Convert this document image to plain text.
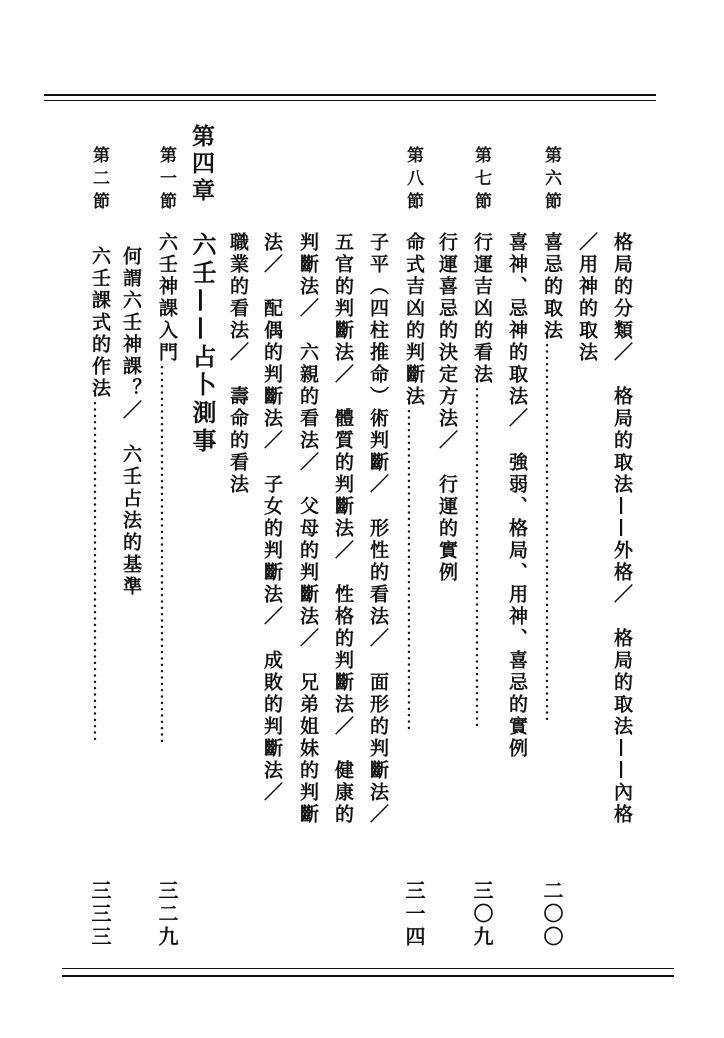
第六節
格局的分類／　格局的取法——外格／　格局的取法——內格
／用神的取法
喜忌的取法……………………………………………………
二〇〇
第七節
喜神、忌神的取法／　強弱、格局、用神、喜忌的實例
行運吉凶的看法………………………………………………
行運喜忌的決定方法／　行運的實例
三〇九
第八節
命式吉凶的判斷法……………………………………………
子平（四柱推命）術判斷／　形性的看法／　面形的判斷法／
五官的判斷法／　體質的判斷法／　性格的判斷法／　健康的
判斷法／　六親的看法／　父母的判斷法／　兄弟姐妹的判斷
法／　配偶的判斷法／　子女的判斷法／　成敗的判斷法／
職業的看法／　壽命的看法
三一四
第四章
六壬——占卜測事
第一節
六壬神課入門……………………………………………………
何謂六壬神課？／　六壬占法的基準
三二九
第二節
六壬課式的作法………………………………………………
三三三
